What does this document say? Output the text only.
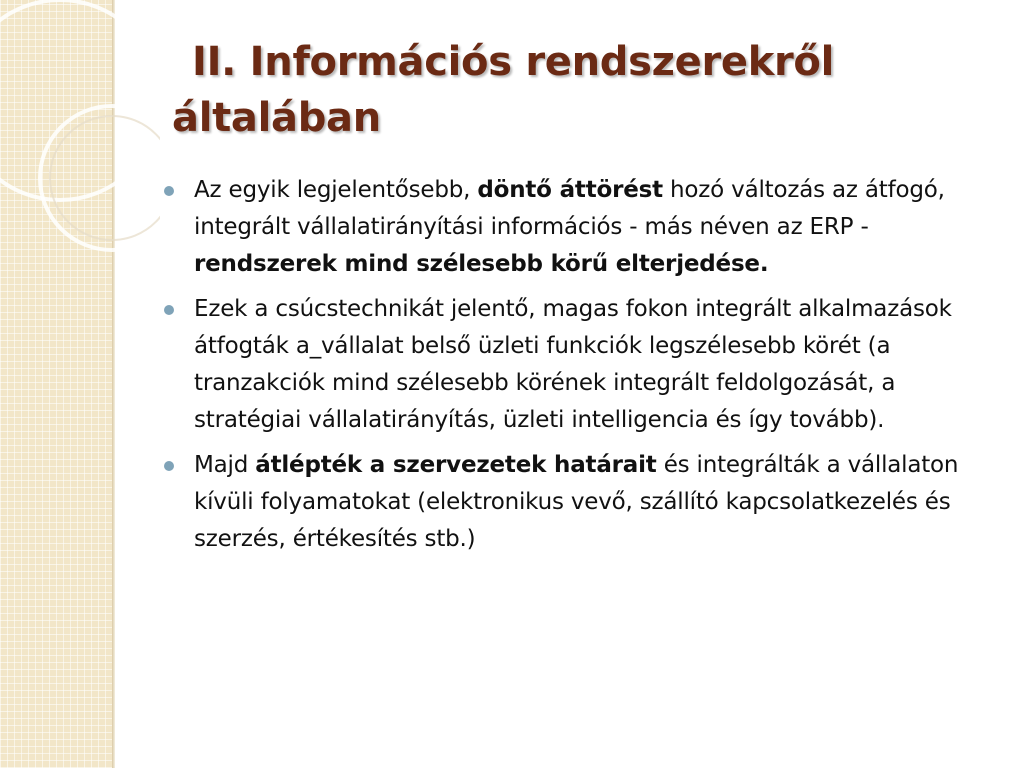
II. Információs rendszerekről
általában
Az egyik legjelentősebb, döntő áttörést hozó változás az átfogó, integrált vállalatirányítási információs - más néven az ERP - rendszerek mind szélesebb körű elterjedése.
Ezek a csúcstechnikát jelentő, magas fokon integrált alkalmazások átfogták a_vállalat belső üzleti funkciók legszélesebb körét (a tranzakciók mind szélesebb körének integrált feldolgozását, a stratégiai vállalatirányítás, üzleti intelligencia és így tovább).
Majd átlépték a szervezetek határait és integrálták a vállalaton kívüli folyamatokat (elektronikus vevő, szállító kapcsolatkezelés és szerzés, értékesítés stb.)
